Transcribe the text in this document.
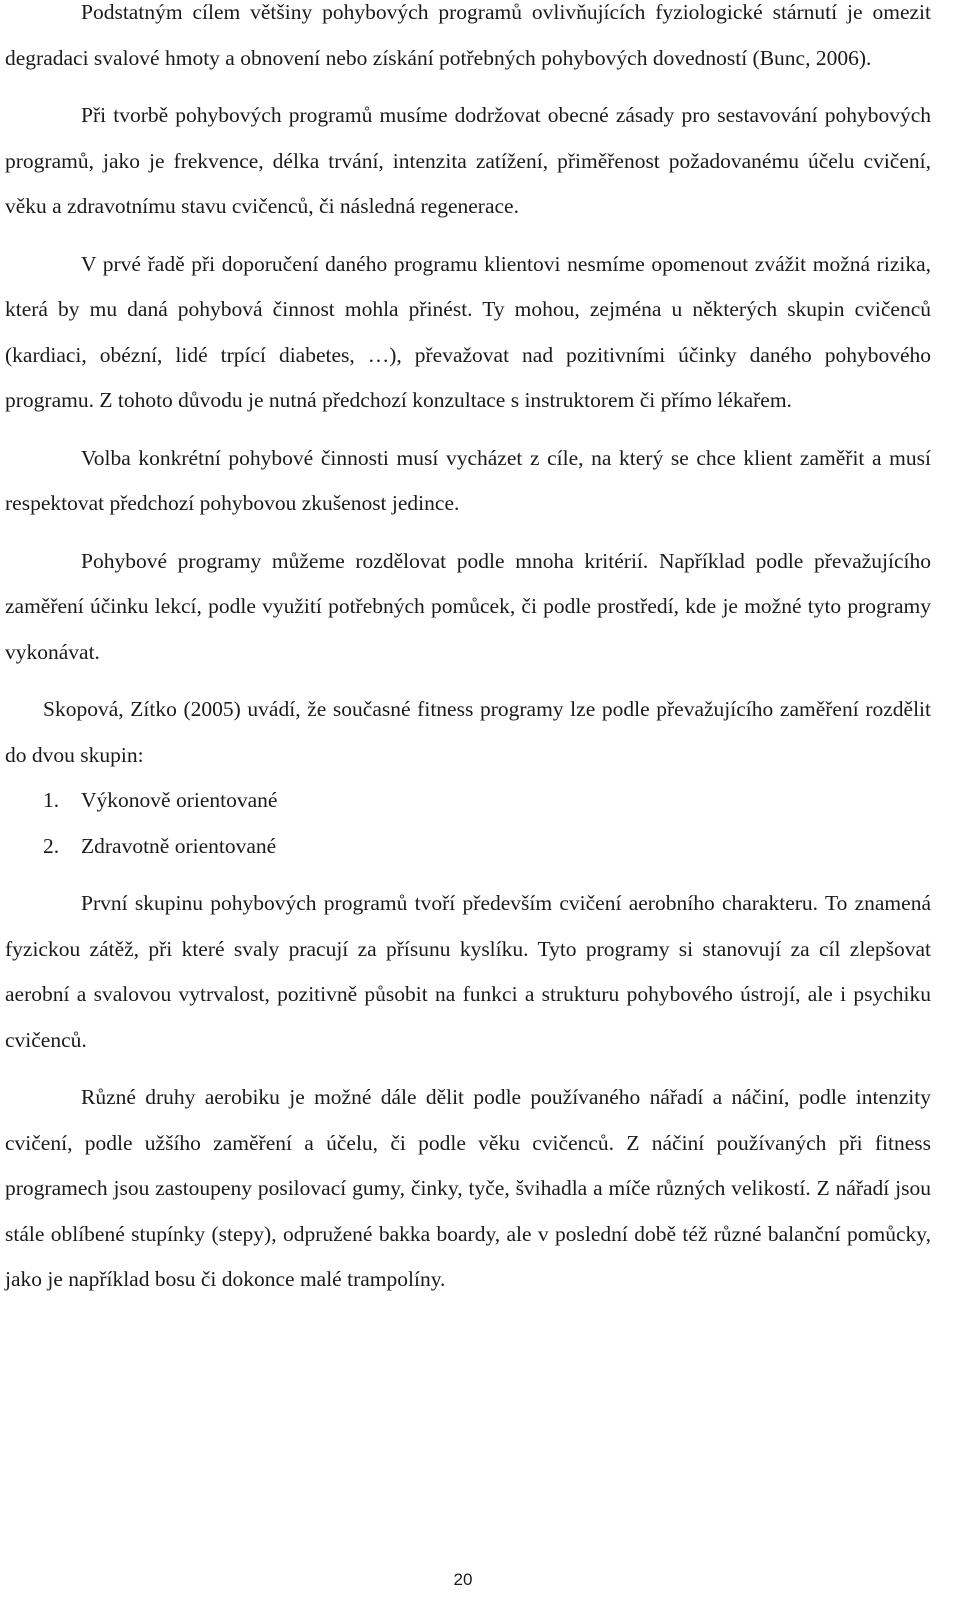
Podstatným cílem většiny pohybových programů ovlivňujících fyziologické stárnutí je omezit degradaci svalové hmoty a obnovení nebo získání potřebných pohybových dovedností (Bunc, 2006).

Při tvorbě pohybových programů musíme dodržovat obecné zásady pro sestavování pohybových programů, jako je frekvence, délka trvání, intenzita zatížení, přiměřenost požadovanému účelu cvičení, věku a zdravotnímu stavu cvičenců, či následná regenerace.

V prvé řadě při doporučení daného programu klientovi nesmíme opomenout zvážit možná rizika, která by mu daná pohybová činnost mohla přinést. Ty mohou, zejména u některých skupin cvičenců (kardiaci, obézní, lidé trpící diabetes, …), převažovat nad pozitivními účinky daného pohybového programu. Z tohoto důvodu je nutná předchozí konzultace s instruktorem či přímo lékařem.

Volba konkrétní pohybové činnosti musí vycházet z cíle, na který se chce klient zaměřit a musí respektovat předchozí pohybovou zkušenost jedince.

Pohybové programy můžeme rozdělovat podle mnoha kritérií. Například podle převažujícího zaměření účinku lekcí, podle využití potřebných pomůcek, či podle prostředí, kde je možné tyto programy vykonávat.

Skopová, Zítko (2005) uvádí, že současné fitness programy lze podle převažujícího zaměření rozdělit do dvou skupin:

1. Výkonově orientované
2. Zdravotně orientované

První skupinu pohybových programů tvoří především cvičení aerobního charakteru. To znamená fyzickou zátěž, při které svaly pracují za přísunu kyslíku. Tyto programy si stanovují za cíl zlepšovat aerobní a svalovou vytrvalost, pozitivně působit na funkci a strukturu pohybového ústrojí, ale i psychiku cvičenců.

Různé druhy aerobiku je možné dále dělit podle používaného nářadí a náčiní, podle intenzity cvičení, podle užšího zaměření a účelu, či podle věku cvičenců. Z náčiní používaných při fitness programech jsou zastoupeny posilovací gumy, činky, tyče, švihadla a míče různých velikostí. Z nářadí jsou stále oblíbené stupínky (stepy), odpružené bakka boardy, ale v poslední době též různé balanční pomůcky, jako je například bosu či dokonce malé trampolíny.

20
